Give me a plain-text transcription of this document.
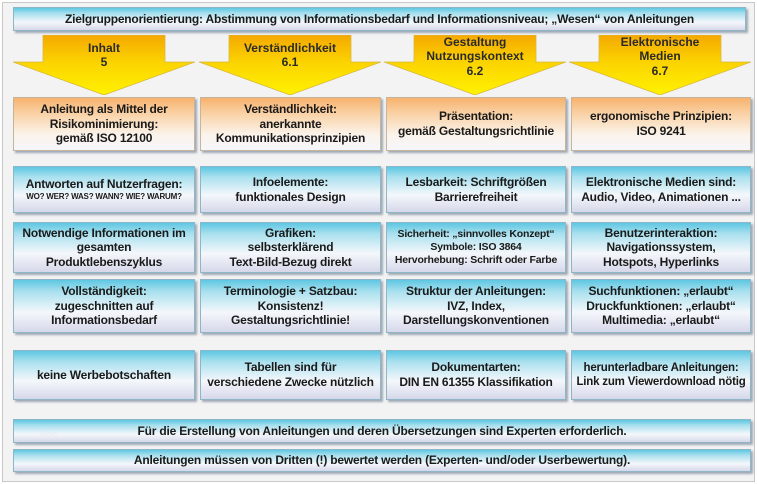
Zielgruppenorientierung: Abstimmung von Informationsbedarf und Informationsniveau; „Wesen“ von Anleitungen
Inhalt
5
Verständlichkeit
6.1
Gestaltung
Nutzungskontext
6.2
Elektronische
Medien
6.7
Anleitung als Mittel der
Risikominimierung:
gemäß ISO 12100
Verständlichkeit:
anerkannte
Kommunikationsprinzipien
Präsentation:
gemäß Gestaltungsrichtlinie
ergonomische Prinzipien:
ISO 9241
Antworten auf Nutzerfragen:
WO? WER? WAS? WANN? WIE? WARUM?
Infoelemente:
funktionales Design
Lesbarkeit: Schriftgrößen
Barrierefreiheit
Elektronische Medien sind:
Audio, Video, Animationen ...
Notwendige Informationen im
gesamten
Produktlebenszyklus
Grafiken:
selbsterklärend
Text-Bild-Bezug direkt
Sicherheit: „sinnvolles Konzept“
Symbole: ISO 3864
Hervorhebung: Schrift oder Farbe
Benutzerinteraktion:
Navigationssystem,
Hotspots, Hyperlinks
Vollständigkeit:
zugeschnitten auf
Informationsbedarf
Terminologie + Satzbau:
Konsistenz!
Gestaltungsrichtlinie!
Struktur der Anleitungen:
IVZ, Index,
Darstellungskonventionen
Suchfunktionen: „erlaubt“
Druckfunktionen: „erlaubt“
Multimedia: „erlaubt“
keine Werbebotschaften
Tabellen sind für
verschiedene Zwecke nützlich
Dokumentarten:
DIN EN 61355 Klassifikation
herunterladbare Anleitungen:
Link zum Viewerdownload nötig
Für die Erstellung von Anleitungen und deren Übersetzungen sind Experten erforderlich.
Blog
Anleitungen müssen von Dritten (!) bewertet werden (Experten- und/oder Userbewertung).
